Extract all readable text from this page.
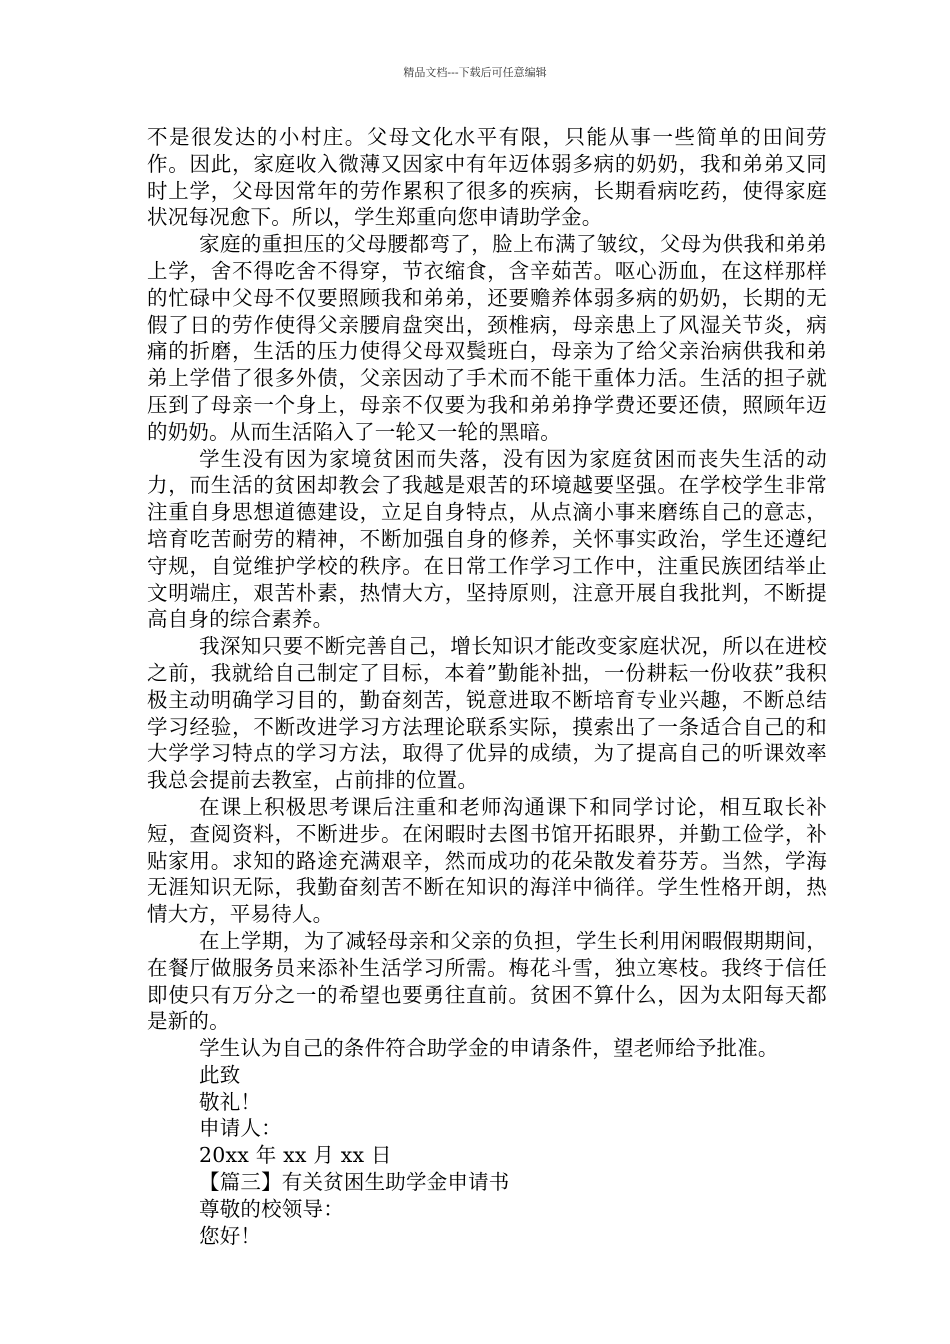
精品文档---下载后可任意编辑

不是很发达的小村庄。父母文化水平有限，只能从事一些简单的田间劳作。因此，家庭收入微薄又因家中有年迈体弱多病的奶奶，我和弟弟又同时上学，父母因常年的劳作累积了很多的疾病，长期看病吃药，使得家庭状况每况愈下。所以，学生郑重向您申请助学金。

家庭的重担压的父母腰都弯了，脸上布满了皱纹，父母为供我和弟弟上学，舍不得吃舍不得穿，节衣缩食，含辛茹苦。呕心沥血，在这样那样的忙碌中父母不仅要照顾我和弟弟，还要赡养体弱多病的奶奶，长期的无假了日的劳作使得父亲腰肩盘突出，颈椎病，母亲患上了风湿关节炎，病痛的折磨，生活的压力使得父母双鬓班白，母亲为了给父亲治病供我和弟弟上学借了很多外债，父亲因动了手术而不能干重体力活。生活的担子就压到了母亲一个身上，母亲不仅要为我和弟弟挣学费还要还债，照顾年迈的奶奶。从而生活陷入了一轮又一轮的黑暗。

学生没有因为家境贫困而失落，没有因为家庭贫困而丧失生活的动力，而生活的贫困却教会了我越是艰苦的环境越要坚强。在学校学生非常注重自身思想道德建设，立足自身特点，从点滴小事来磨练自己的意志，培育吃苦耐劳的精神，不断加强自身的修养，关怀事实政治，学生还遵纪守规，自觉维护学校的秩序。在日常工作学习工作中，注重民族团结举止文明端庄，艰苦朴素，热情大方，坚持原则，注意开展自我批判，不断提高自身的综合素养。

我深知只要不断完善自己，增长知识才能改变家庭状况，所以在进校之前，我就给自己制定了目标，本着”勤能补拙，一份耕耘一份收获”我积极主动明确学习目的，勤奋刻苦，锐意进取不断培育专业兴趣，不断总结学习经验，不断改进学习方法理论联系实际，摸索出了一条适合自己的和大学学习特点的学习方法，取得了优异的成绩，为了提高自己的听课效率我总会提前去教室，占前排的位置。

在课上积极思考课后注重和老师沟通课下和同学讨论，相互取长补短，查阅资料，不断进步。在闲暇时去图书馆开拓眼界，并勤工俭学，补贴家用。求知的路途充满艰辛，然而成功的花朵散发着芬芳。当然，学海无涯知识无际，我勤奋刻苦不断在知识的海洋中徜徉。学生性格开朗，热情大方，平易待人。

在上学期，为了减轻母亲和父亲的负担，学生长利用闲暇假期期间，在餐厅做服务员来添补生活学习所需。梅花斗雪，独立寒枝。我终于信任即使只有万分之一的希望也要勇往直前。贫困不算什么，因为太阳每天都是新的。

学生认为自己的条件符合助学金的申请条件，望老师给予批准。

此致

敬礼！

申请人：

20xx 年 xx 月 xx 日

【篇三】有关贫困生助学金申请书

尊敬的校领导：

您好！
